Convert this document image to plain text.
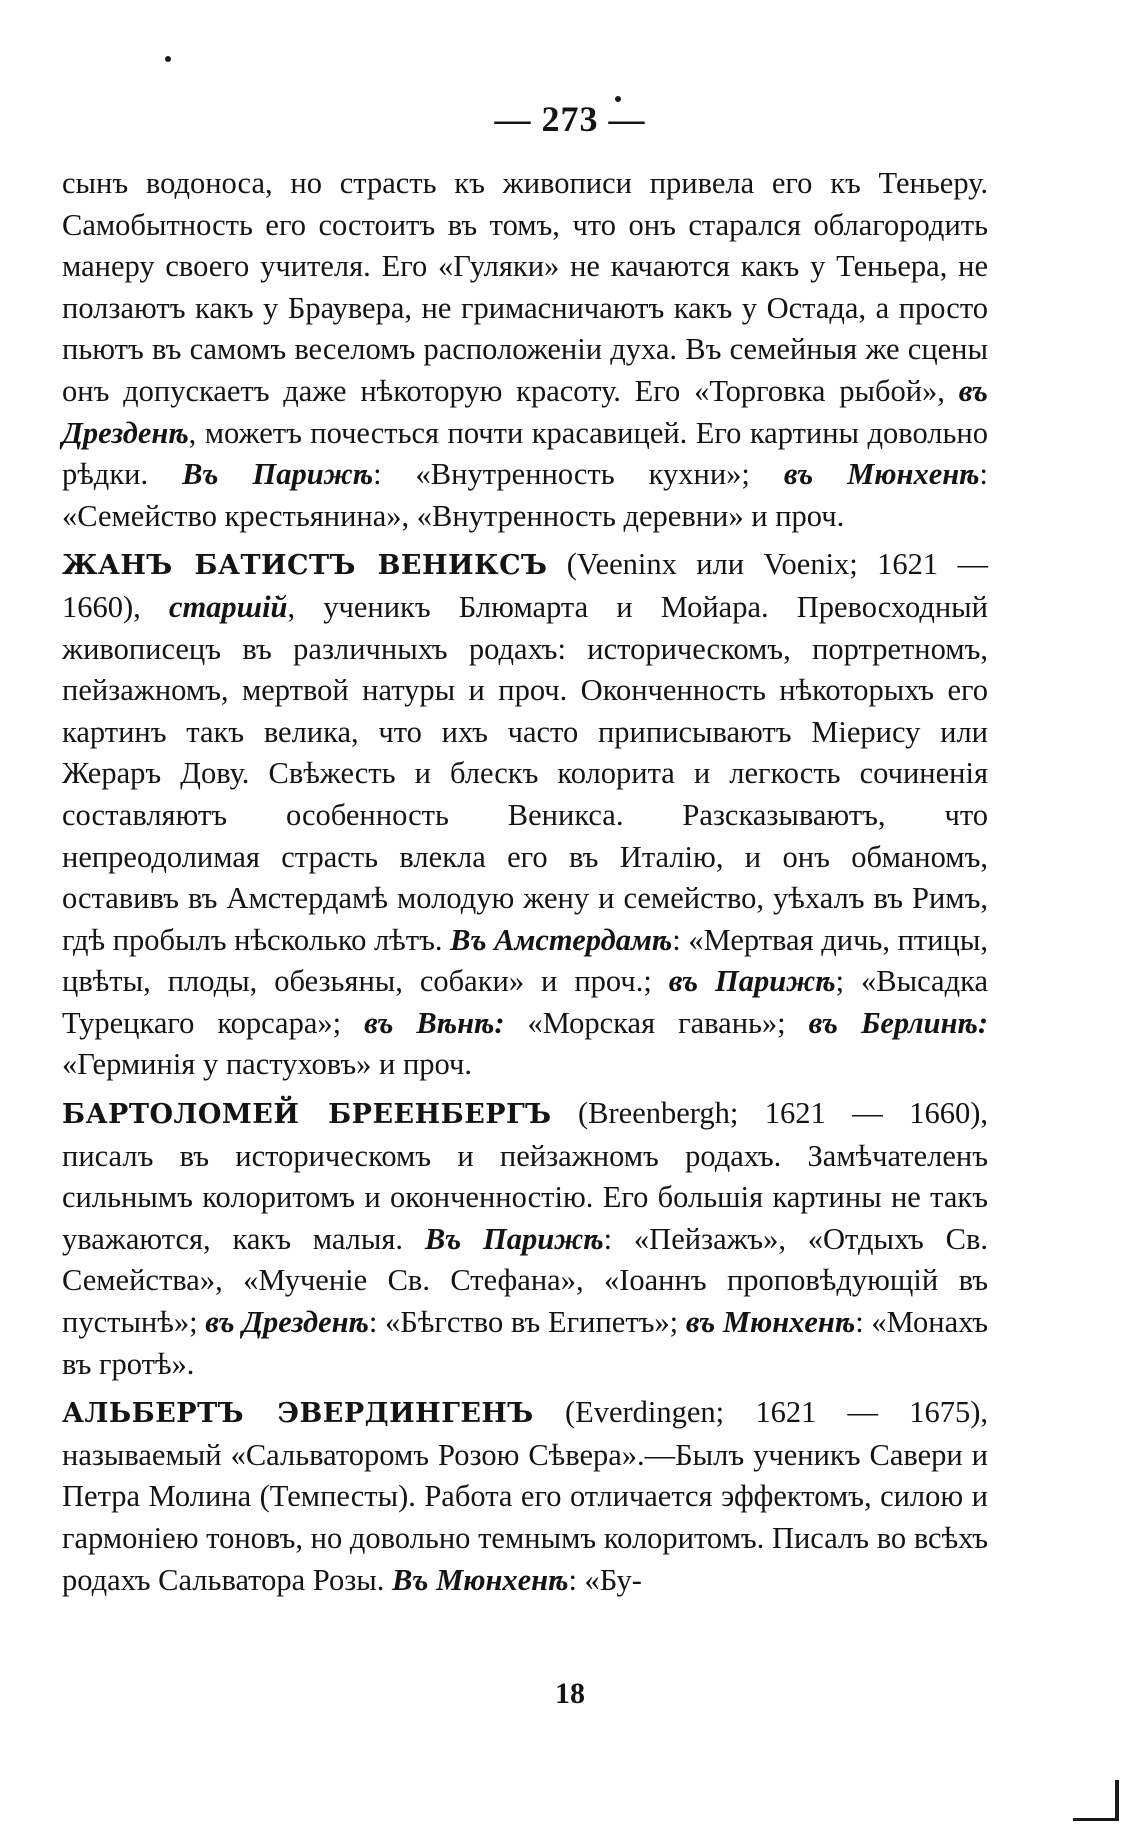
— 273 —

сынъ водоноса, но страсть къ живописи привела его къ Теньеру. Самобытность его состоитъ въ томъ, что онъ старался облагородить манеру своего учителя. Его «Гуляки» не качаются какъ у Теньера, не ползаютъ какъ у Браувера, не гримасничаютъ какъ у Остада, а просто пьютъ въ самомъ веселомъ расположеніи духа. Въ семейныя же сцены онъ допускаетъ даже нѣкоторую красоту. Его «Торговка рыбой», въ Дрезденѣ, можетъ почесться почти красавицей. Его картины довольно рѣдки. Въ Парижѣ: «Внутренность кухни»; въ Мюнхенѣ: «Семейство крестьянина», «Внутренность деревни» и проч.

ЖАНЪ БАТИСТЪ ВЕНИКСЪ (Veeninx или Voenix; 1621 — 1660), старшій, ученикъ Блюмарта и Мойара. Превосходный живописецъ въ различныхъ родахъ: историческомъ, портретномъ, пейзажномъ, мертвой натуры и проч. Оконченность нѣкоторыхъ его картинъ такъ велика, что ихъ часто приписываютъ Міерису или Жераръ Дову. Свѣжесть и блескъ колорита и легкость сочиненія составляютъ особенность Веникса. Разсказываютъ, что непреодолимая страсть влекла его въ Италію, и онъ обманомъ, оставивъ въ Амстердамѣ молодую жену и семейство, уѣхалъ въ Римъ, гдѣ пробылъ нѣсколько лѣтъ. Въ Амстердамѣ: «Мертвая дичь, птицы, цвѣты, плоды, обезьяны, собаки» и проч.; въ Парижѣ; «Высадка Турецкаго корсара»; въ Вѣнѣ: «Морская гавань»; въ Берлинѣ: «Герминія у пастуховъ» и проч.

БАРТОЛОМЕЙ БРЕЕНБЕРГЪ (Breenbergh; 1621 — 1660), писалъ въ историческомъ и пейзажномъ родахъ. Замѣчателенъ сильнымъ колоритомъ и оконченностію. Его большія картины не такъ уважаются, какъ малыя. Въ Парижѣ: «Пейзажъ», «Отдыхъ Св. Семейства», «Мученіе Св. Стефана», «Іоаннъ проповѣдующій въ пустынѣ»; въ Дрезденѣ: «Бѣгство въ Египетъ»; въ Мюнхенѣ: «Монахъ въ гротѣ».

АЛЬБЕРТЪ ЭВЕРДИНГЕНЪ (Everdingen; 1621 — 1675), называемый «Сальваторомъ Розою Сѣвера».—Былъ ученикъ Савери и Петра Молина (Темпесты). Работа его отличается эффектомъ, силою и гармоніею тоновъ, но довольно темнымъ колоритомъ. Писалъ во всѣхъ родахъ Сальватора Розы. Въ Мюнхенѣ: «Бу-

18
